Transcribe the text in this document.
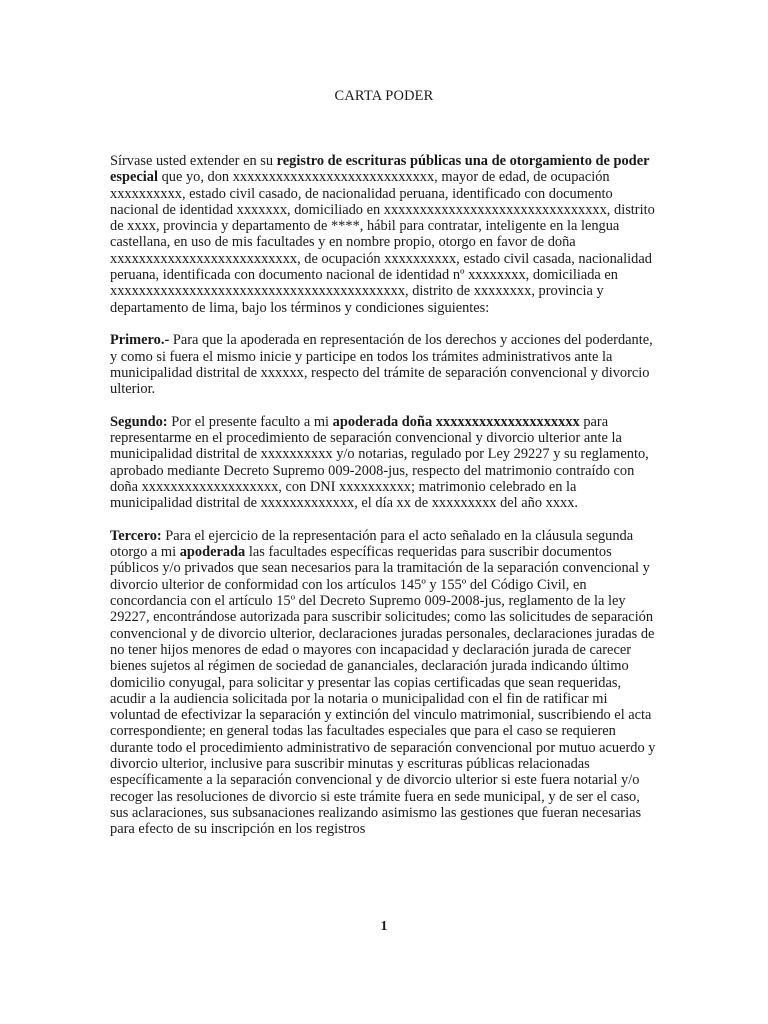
CARTA PODER

Sírvase usted extender en su registro de escrituras públicas una de otorgamiento de poder especial que yo, don xxxxxxxxxxxxxxxxxxxxxxxxxxxx, mayor de edad, de ocupación xxxxxxxxxx, estado civil casado, de nacionalidad peruana, identificado con documento nacional de identidad xxxxxxx, domiciliado en xxxxxxxxxxxxxxxxxxxxxxxxxxxxxxx, distrito de xxxx, provincia y departamento de ****, hábil para contratar, inteligente en la lengua castellana, en uso de mis facultades y en nombre propio, otorgo en favor de doña xxxxxxxxxxxxxxxxxxxxxxxxxx, de ocupación xxxxxxxxxx, estado civil casada, nacionalidad peruana, identificada con documento nacional de identidad nº xxxxxxxx, domiciliada en xxxxxxxxxxxxxxxxxxxxxxxxxxxxxxxxxxxxxxxxx, distrito de xxxxxxxx, provincia y departamento de lima, bajo los términos y condiciones siguientes:

Primero.- Para que la apoderada en representación de los derechos y acciones del poderdante, y como si fuera el mismo inicie y participe en todos los trámites administrativos ante la municipalidad distrital de xxxxxx, respecto del trámite de separación convencional y divorcio ulterior.

Segundo: Por el presente faculto a mi apoderada doña xxxxxxxxxxxxxxxxxxxx para representarme en el procedimiento de separación convencional y divorcio ulterior ante la municipalidad distrital de xxxxxxxxxx y/o notarias, regulado por Ley 29227 y su reglamento, aprobado mediante Decreto Supremo 009-2008-jus, respecto del matrimonio contraído con doña xxxxxxxxxxxxxxxxxxx, con DNI xxxxxxxxxx; matrimonio celebrado en la municipalidad distrital de xxxxxxxxxxxxx, el día xx de xxxxxxxxx del año xxxx.

Tercero: Para el ejercicio de la representación para el acto señalado en la cláusula segunda otorgo a mi apoderada las facultades específicas requeridas para suscribir documentos públicos y/o privados que sean necesarios para la tramitación de la separación convencional y divorcio ulterior de conformidad con los artículos 145º y 155º del Código Civil, en concordancia con el artículo 15º del Decreto Supremo 009-2008-jus, reglamento de la ley 29227, encontrándose autorizada para suscribir solicitudes; como las solicitudes de separación convencional y de divorcio ulterior, declaraciones juradas personales, declaraciones juradas de no tener hijos menores de edad o mayores con incapacidad y declaración jurada de carecer bienes sujetos al régimen de sociedad de gananciales, declaración jurada indicando último domicilio conyugal, para solicitar y presentar las copias certificadas que sean requeridas, acudir a la audiencia solicitada por la notaria o municipalidad con el fin de ratificar mi voluntad de efectivizar la separación y extinción del vinculo matrimonial, suscribiendo el acta correspondiente; en general todas las facultades especiales que para el caso se requieren durante todo el procedimiento administrativo de separación convencional por mutuo acuerdo y divorcio ulterior, inclusive para suscribir minutas y escrituras públicas relacionadas específicamente a la separación convencional y de divorcio ulterior si este fuera notarial y/o recoger las resoluciones de divorcio si este trámite fuera en sede municipal, y de ser el caso, sus aclaraciones, sus subsanaciones realizando asimismo las gestiones que fueran necesarias para efecto de su inscripción en los registros

1
